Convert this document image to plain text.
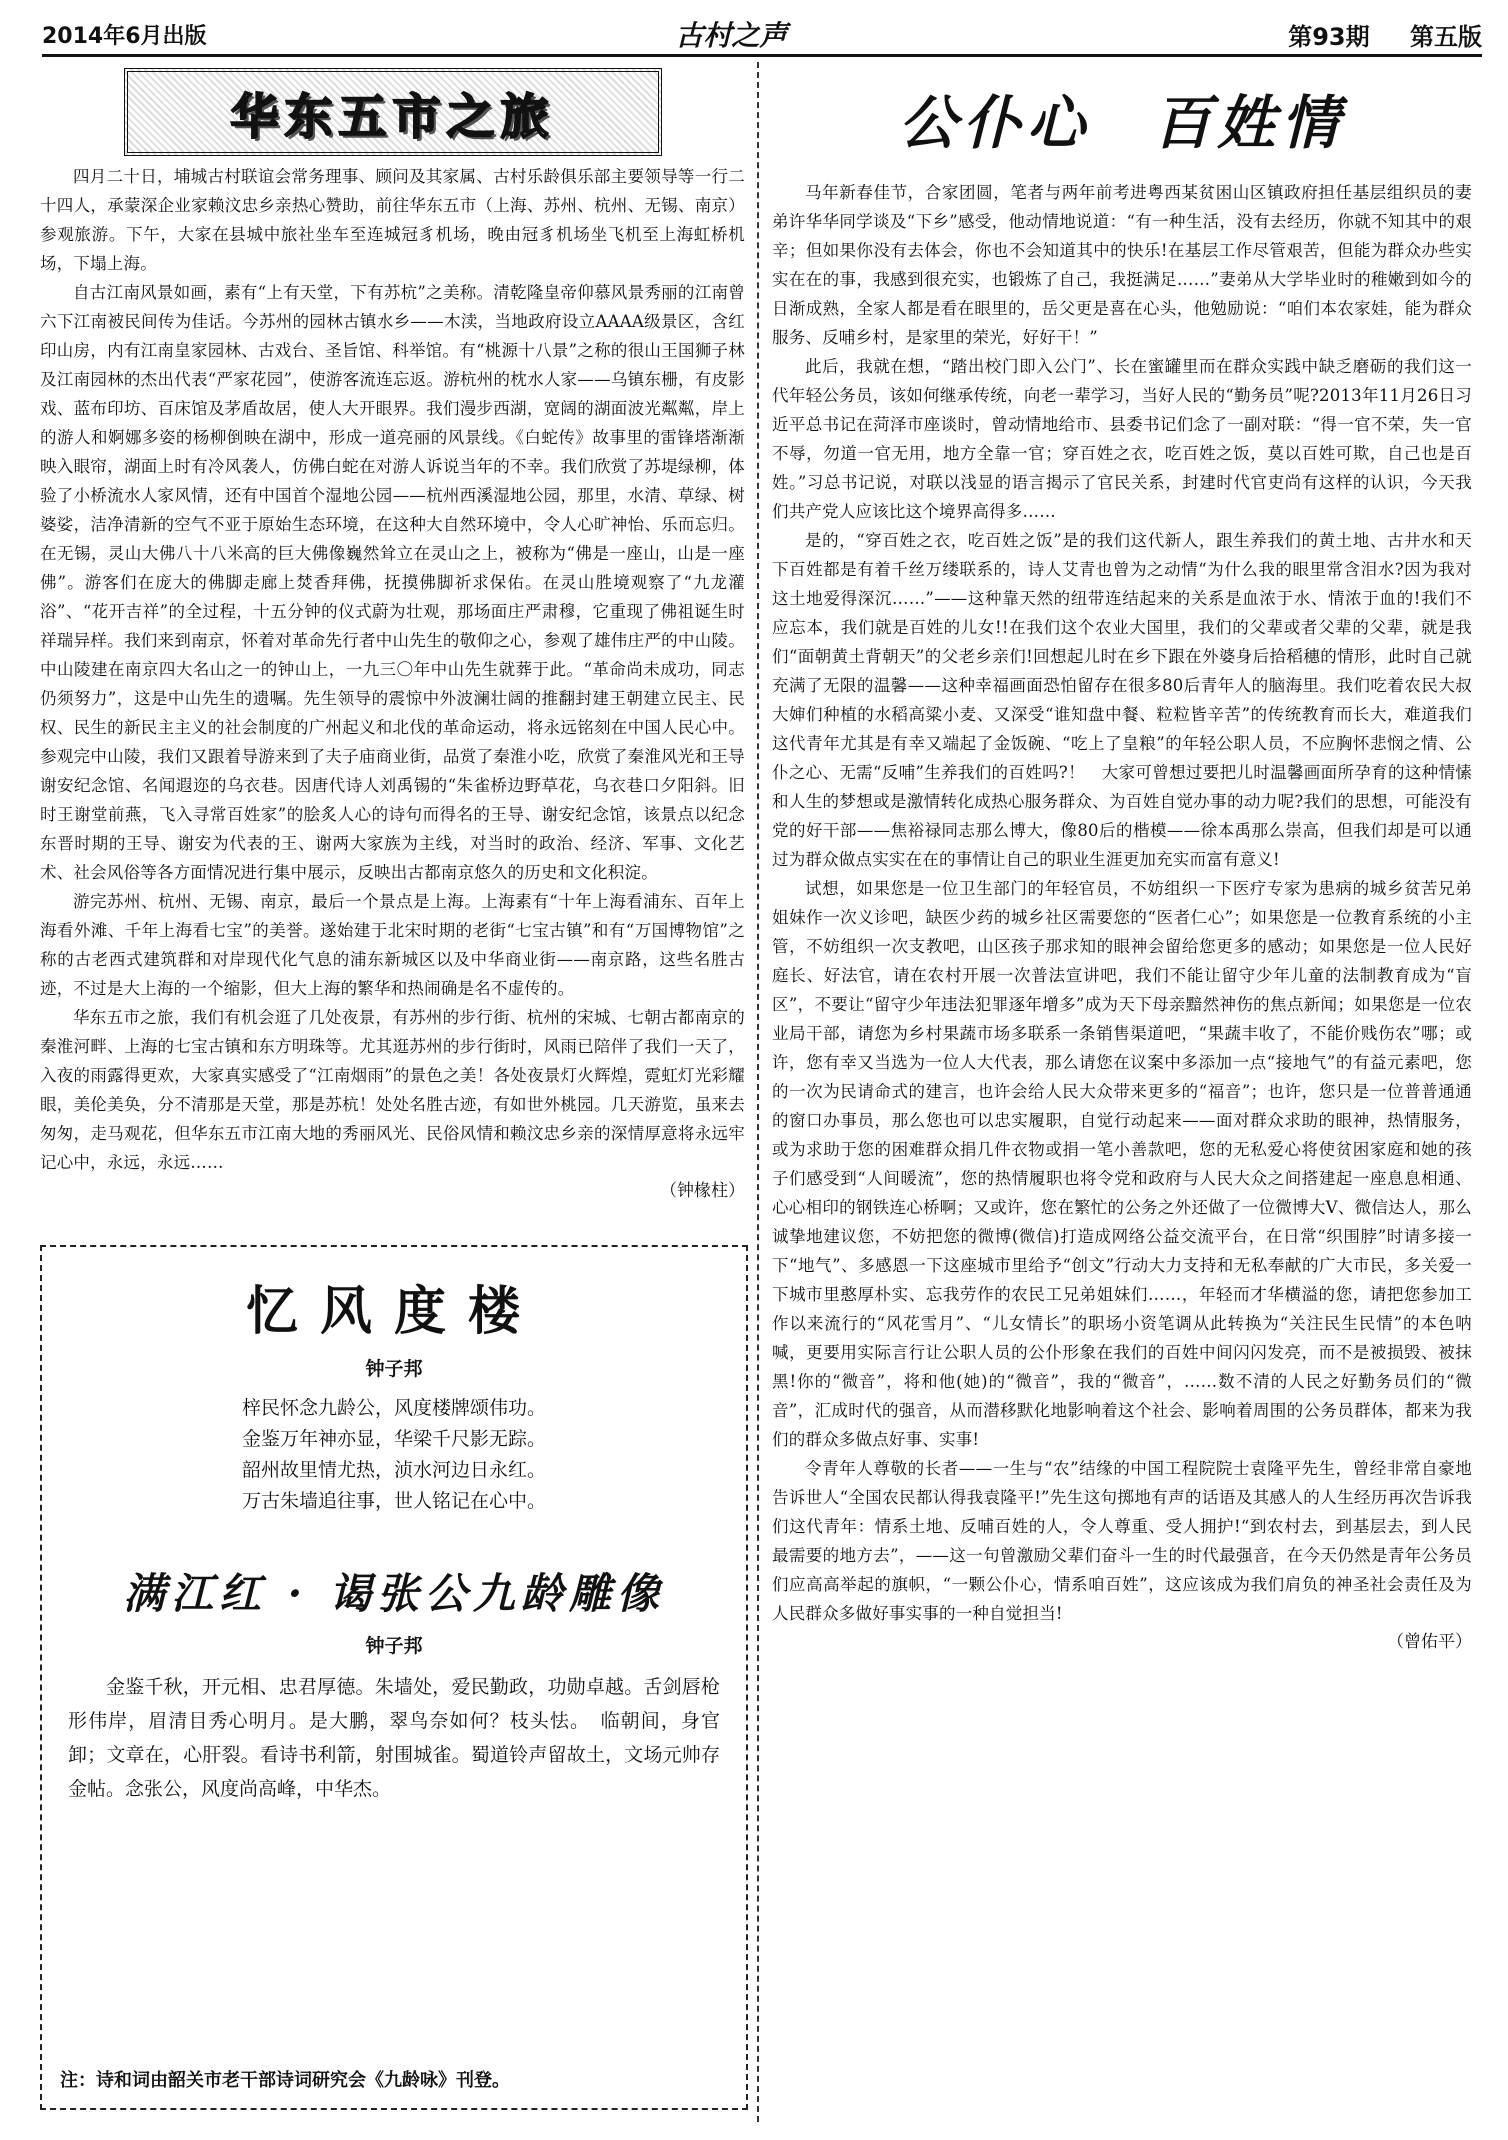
2014年6月出版	古村之声	第93期 第五版
华东五市之旅

四月二十日，埔城古村联谊会常务理事、顾问及其家属、古村乐龄俱乐部主要领导等一行二十四人，承蒙深企业家赖汶忠乡亲热心赞助，前往华东五市（上海、苏州、杭州、无锡、南京）参观旅游。下午，大家在县城中旅社坐车至连城冠豸机场，晚由冠豸机场坐飞机至上海虹桥机场，下塌上海。

自古江南风景如画，素有“上有天堂，下有苏杭”之美称。清乾隆皇帝仰慕风景秀丽的江南曾六下江南被民间传为佳话。今苏州的园林古镇水乡——木渎，当地政府设立AAAA级景区，含红印山房，内有江南皇家园林、古戏台、圣旨馆、科举馆。有“桃源十八景”之称的很山王国狮子林及江南园林的杰出代表“严家花园”，使游客流连忘返。游杭州的枕水人家——乌镇东栅，有皮影戏、蓝布印坊、百床馆及茅盾故居，使人大开眼界。我们漫步西湖，宽阔的湖面波光粼粼，岸上的游人和婀娜多姿的杨柳倒映在湖中，形成一道亮丽的风景线。《白蛇传》故事里的雷锋塔渐渐映入眼帘，湖面上时有冷风袭人，仿佛白蛇在对游人诉说当年的不幸。我们欣赏了苏堤绿柳，体验了小桥流水人家风情，还有中国首个湿地公园——杭州西溪湿地公园，那里，水清、草绿、树婆娑，洁净清新的空气不亚于原始生态环境，在这种大自然环境中，令人心旷神怡、乐而忘归。在无锡，灵山大佛八十八米高的巨大佛像巍然耸立在灵山之上，被称为“佛是一座山，山是一座佛”。游客们在庞大的佛脚走廊上焚香拜佛，抚摸佛脚祈求保佑。在灵山胜境观察了“九龙灌浴”、“花开吉祥”的全过程，十五分钟的仪式蔚为壮观，那场面庄严肃穆，它重现了佛祖诞生时祥瑞异样。我们来到南京，怀着对革命先行者中山先生的敬仰之心，参观了雄伟庄严的中山陵。中山陵建在南京四大名山之一的钟山上，一九三〇年中山先生就葬于此。“革命尚未成功，同志仍须努力”，这是中山先生的遗嘱。先生领导的震惊中外波澜壮阔的推翻封建王朝建立民主、民权、民生的新民主主义的社会制度的广州起义和北伐的革命运动，将永远铭刻在中国人民心中。参观完中山陵，我们又跟着导游来到了夫子庙商业街，品赏了秦淮小吃，欣赏了秦淮风光和王导谢安纪念馆、名闻遐迩的乌衣巷。因唐代诗人刘禹锡的“朱雀桥边野草花，乌衣巷口夕阳斜。旧时王谢堂前燕，飞入寻常百姓家”的脍炙人心的诗句而得名的王导、谢安纪念馆，该景点以纪念东晋时期的王导、谢安为代表的王、谢两大家族为主线，对当时的政治、经济、军事、文化艺术、社会风俗等各方面情况进行集中展示，反映出古都南京悠久的历史和文化积淀。

游完苏州、杭州、无锡、南京，最后一个景点是上海。上海素有“十年上海看浦东、百年上海看外滩、千年上海看七宝”的美誉。遂始建于北宋时期的老街“七宝古镇”和有“万国博物馆”之称的古老西式建筑群和对岸现代化气息的浦东新城区以及中华商业街——南京路，这些名胜古迹，不过是大上海的一个缩影，但大上海的繁华和热闹确是名不虚传的。

华东五市之旅，我们有机会逛了几处夜景，有苏州的步行街、杭州的宋城、七朝古都南京的秦淮河畔、上海的七宝古镇和东方明珠等。尤其逛苏州的步行街时，风雨已陪伴了我们一天了，入夜的雨露得更欢，大家真实感受了“江南烟雨”的景色之美！各处夜景灯火辉煌，霓虹灯光彩耀眼，美伦美奂，分不清那是天堂，那是苏杭！处处名胜古迹，有如世外桃园。几天游览，虽来去匆匆，走马观花，但华东五市江南大地的秀丽风光、民俗风情和赖汶忠乡亲的深情厚意将永远牢记心中，永远，永远……

（钟椽柱）
忆风度楼
钟子邦
梓民怀念九龄公，风度楼牌颂伟功。
金鉴万年神亦显，华梁千尺影无踪。
韶州故里情尤热，浈水河边日永红。
万古朱墙追往事，世人铭记在心中。
满江红 · 谒张公九龄雕像
钟子邦

金鉴千秋，开元相、忠君厚德。朱墙处，爱民勤政，功勋卓越。舌剑唇枪形伟岸，眉清目秀心明月。是大鹏，翠鸟奈如何？枝头怯。　临朝间，身官卸；文章在，心肝裂。看诗书利箭，射围城雀。蜀道铃声留故土，文场元帅存金帖。念张公，风度尚高峰，中华杰。

注：诗和词由韶关市老干部诗词研究会《九龄咏》刊登。
公仆心 百姓情

马年新春佳节，合家团圆，笔者与两年前考进粤西某贫困山区镇政府担任基层组织员的妻弟许华华同学谈及“下乡”感受，他动情地说道：“有一种生活，没有去经历，你就不知其中的艰辛；但如果你没有去体会，你也不会知道其中的快乐!在基层工作尽管艰苦，但能为群众办些实实在在的事，我感到很充实，也锻炼了自己，我挺满足……”妻弟从大学毕业时的稚嫩到如今的日渐成熟，全家人都是看在眼里的，岳父更是喜在心头，他勉励说：“咱们本农家娃，能为群众服务、反哺乡村，是家里的荣光，好好干！”

此后，我就在想，“踏出校门即入公门”、长在蜜罐里而在群众实践中缺乏磨砺的我们这一代年轻公务员，该如何继承传统，向老一辈学习，当好人民的“勤务员”呢?2013年11月26日习近平总书记在菏泽市座谈时，曾动情地给市、县委书记们念了一副对联：“得一官不荣，失一官不辱，勿道一官无用，地方全靠一官；穿百姓之衣，吃百姓之饭，莫以百姓可欺，自己也是百姓。”习总书记说，对联以浅显的语言揭示了官民关系，封建时代官吏尚有这样的认识，今天我们共产党人应该比这个境界高得多……

是的，“穿百姓之衣，吃百姓之饭”是的我们这代新人，跟生养我们的黄土地、古井水和天下百姓都是有着千丝万缕联系的，诗人艾青也曾为之动情“为什么我的眼里常含泪水?因为我对这土地爱得深沉……”——这种靠天然的纽带连结起来的关系是血浓于水、情浓于血的!我们不应忘本，我们就是百姓的儿女!!在我们这个农业大国里，我们的父辈或者父辈的父辈，就是我们“面朝黄土背朝天”的父老乡亲们!回想起儿时在乡下跟在外婆身后拾稻穗的情形，此时自己就充满了无限的温馨——这种幸福画面恐怕留存在很多80后青年人的脑海里。我们吃着农民大叔大婶们种植的水稻高粱小麦、又深受“谁知盘中餐、粒粒皆辛苦”的传统教育而长大，难道我们这代青年尤其是有幸又端起了金饭碗、“吃上了皇粮”的年轻公职人员，不应胸怀悲悯之情、公仆之心、无需“反哺”生养我们的百姓吗?！　大家可曾想过要把儿时温馨画面所孕育的这种情愫和人生的梦想或是激情转化成热心服务群众、为百姓自觉办事的动力呢?我们的思想，可能没有党的好干部——焦裕禄同志那么博大，像80后的楷模——徐本禹那么崇高，但我们却是可以通过为群众做点实实在在的事情让自己的职业生涯更加充实而富有意义!

试想，如果您是一位卫生部门的年轻官员，不妨组织一下医疗专家为患病的城乡贫苦兄弟姐妹作一次义诊吧，缺医少药的城乡社区需要您的“医者仁心”；如果您是一位教育系统的小主管，不妨组织一次支教吧，山区孩子那求知的眼神会留给您更多的感动；如果您是一位人民好庭长、好法官，请在农村开展一次普法宣讲吧，我们不能让留守少年儿童的法制教育成为“盲区”，不要让“留守少年违法犯罪逐年增多”成为天下母亲黯然神伤的焦点新闻；如果您是一位农业局干部，请您为乡村果蔬市场多联系一条销售渠道吧，“果蔬丰收了，不能价贱伤农”哪；或许，您有幸又当选为一位人大代表，那么请您在议案中多添加一点“接地气”的有益元素吧，您的一次为民请命式的建言，也许会给人民大众带来更多的“福音”；也许，您只是一位普普通通的窗口办事员，那么您也可以忠实履职，自觉行动起来——面对群众求助的眼神，热情服务，或为求助于您的困难群众捐几件衣物或捐一笔小善款吧，您的无私爱心将使贫困家庭和她的孩子们感受到“人间暖流”，您的热情履职也将令党和政府与人民大众之间搭建起一座息息相通、心心相印的钢铁连心桥啊；又或许，您在繁忙的公务之外还做了一位微博大V、微信达人，那么诚挚地建议您，不妨把您的微博(微信)打造成网络公益交流平台，在日常“织围脖”时请多接一下“地气”、多感恩一下这座城市里给予“创文”行动大力支持和无私奉献的广大市民，多关爱一下城市里憨厚朴实、忘我劳作的农民工兄弟姐妹们……，年轻而才华横溢的您，请把您参加工作以来流行的“风花雪月”、“儿女情长”的职场小资笔调从此转换为“关注民生民情”的本色呐喊，更要用实际言行让公职人员的公仆形象在我们的百姓中间闪闪发亮，而不是被损毁、被抹黑!你的“微音”，将和他(她)的“微音”，我的“微音”，……数不清的人民之好勤务员们的“微音”，汇成时代的强音，从而潜移默化地影响着这个社会、影响着周围的公务员群体，都来为我们的群众多做点好事、实事!

令青年人尊敬的长者——一生与“农”结缘的中国工程院院士袁隆平先生，曾经非常自豪地告诉世人“全国农民都认得我袁隆平!”先生这句掷地有声的话语及其感人的人生经历再次告诉我们这代青年：情系土地、反哺百姓的人，令人尊重、受人拥护!“到农村去，到基层去，到人民最需要的地方去”，——这一句曾激励父辈们奋斗一生的时代最强音，在今天仍然是青年公务员们应高高举起的旗帜，“一颗公仆心，情系咱百姓”，这应该成为我们肩负的神圣社会责任及为人民群众多做好事实事的一种自觉担当!

（曾佑平）
